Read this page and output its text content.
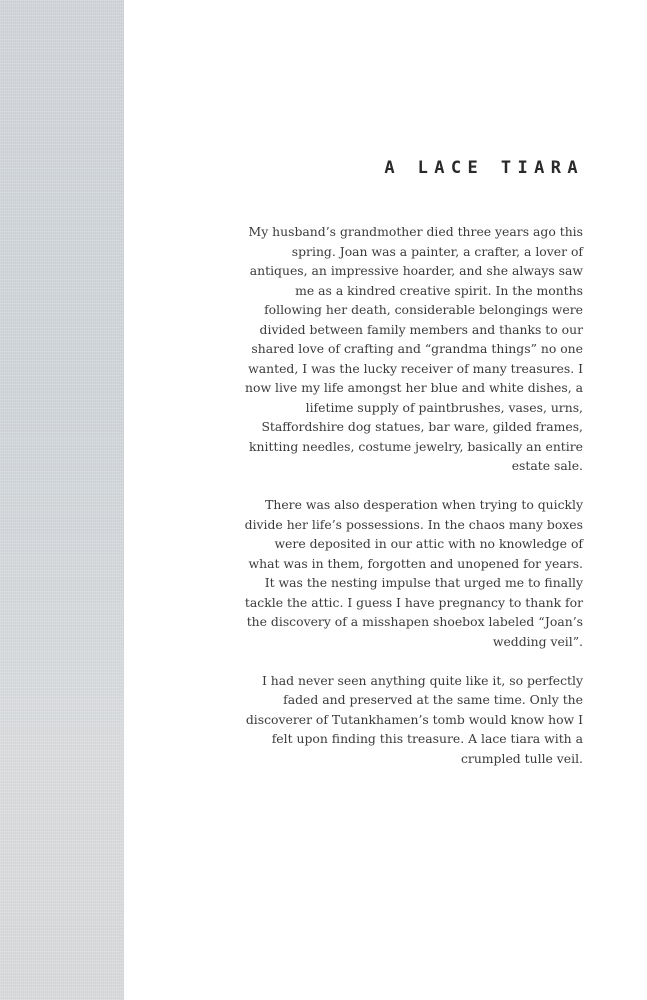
A LACE TIARA

My husband’s grandmother died three years ago this spring. Joan was a painter, a crafter, a lover of antiques, an impressive hoarder, and she always saw me as a kindred creative spirit. In the months following her death, considerable belongings were divided between family members and thanks to our shared love of crafting and “grandma things” no one wanted, I was the lucky receiver of many treasures. I now live my life amongst her blue and white dishes, a lifetime supply of paintbrushes, vases, urns, Staffordshire dog statues, bar ware, gilded frames, knitting needles, costume jewelry, basically an entire estate sale.

There was also desperation when trying to quickly divide her life’s possessions. In the chaos many boxes were deposited in our attic with no knowledge of what was in them, forgotten and unopened for years. It was the nesting impulse that urged me to finally tackle the attic. I guess I have pregnancy to thank for the discovery of a misshapen shoebox labeled “Joan’s wedding veil”.

I had never seen anything quite like it, so perfectly faded and preserved at the same time. Only the discoverer of Tutankhamen’s tomb would know how I felt upon finding this treasure. A lace tiara with a crumpled tulle veil.
